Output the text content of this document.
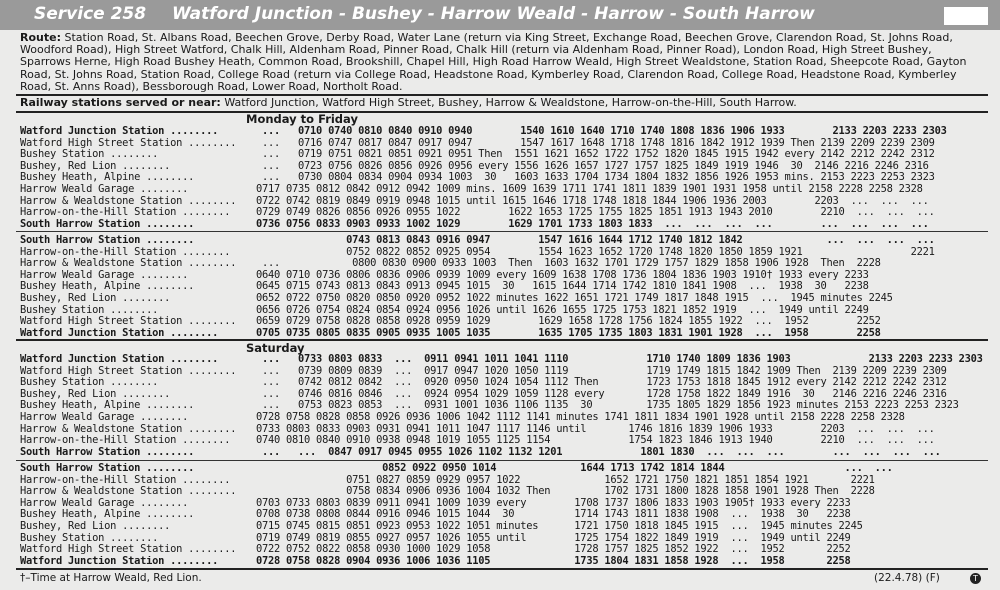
Service 258 Watford Junction - Bushey - Harrow Weald - Harrow - South Harrow
Route: Station Road, St. Albans Road, Beechen Grove, Derby Road, Water Lane (return via King Street, Exchange Road, Beechen Grove, Clarendon Road, St. Johns Road, Woodford Road), High Street Watford, Chalk Hill, Aldenham Road, Pinner Road, Chalk Hill (return via Aldenham Road, Pinner Road), London Road, High Street Bushey, Sparrows Herne, High Road Bushey Heath, Common Road, Brookshill, Chapel Hill, High Road Harrow Weald, High Street Wealdstone, Station Road, Sheepcote Road, Gayton Road, St. Johns Road, Station Road, College Road (return via College Road, Headstone Road, Kymberley Road, Clarendon Road, College Road, Headstone Road, Kymberley Road, St. Anns Road), Bessborough Road, Lower Road, Northolt Road.
Railway stations served or near: Watford Junction, Watford High Street, Bushey, Harrow & Wealdstone, Harrow-on-the-Hill, South Harrow.
Monday to Friday
Watford Junction Station ........	...   0710 0740 0810 0840 0910 0940        1540 1610 1640 1710 1740 1808 1836 1906 1933        2133 2203 2233 2303
Watford High Street Station ........	...   0716 0747 0817 0847 0917 0947        1547 1617 1648 1718 1748 1816 1842 1912 1939 Then 2139 2209 2239 2309
Bushey Station ........	...   0719 0751 0821 0851 0921 0951 Then  1551 1621 1652 1722 1752 1820 1845 1915 1942 every 2142 2212 2242 2312
Bushey, Red Lion ........	...   0723 0756 0826 0856 0926 0956 every 1556 1626 1657 1727 1757 1825 1849 1919 1946  30  2146 2216 2246 2316
Bushey Heath, Alpine ........	...   0730 0804 0834 0904 0934 1003  30   1603 1633 1704 1734 1804 1832 1856 1926 1953 mins. 2153 2223 2253 2323
Harrow Weald Garage ........	0717 0735 0812 0842 0912 0942 1009 mins. 1609 1639 1711 1741 1811 1839 1901 1931 1958 until 2158 2228 2258 2328
Harrow & Wealdstone Station ........	0722 0742 0819 0849 0919 0948 1015 until 1615 1646 1718 1748 1818 1844 1906 1936 2003        2203  ...  ...  ...
Harrow-on-the-Hill Station ........	0729 0749 0826 0856 0926 0955 1022        1622 1653 1725 1755 1825 1851 1913 1943 2010        2210  ...  ...  ...
South Harrow Station ........	0736 0756 0833 0903 0933 1002 1029        1629 1701 1733 1803 1833  ...  ...  ...  ...        ...  ...  ...  ...
South Harrow Station ........	0743 0813 0843 0916 0947        1547 1616 1644 1712 1740 1812 1842              ...  ...  ...  ...
Harrow-on-the-Hill Station ........	0752 0822 0852 0925 0954        1554 1623 1652 1720 1748 1820 1850 1859 1921                  2221
Harrow & Wealdstone Station ........	...            0800 0830 0900 0933 1003  Then  1603 1632 1701 1729 1757 1829 1858 1906 1928  Then  2228
Harrow Weald Garage ........	0640 0710 0736 0806 0836 0906 0939 1009 every 1609 1638 1708 1736 1804 1836 1903 1910† 1933 every 2233
Bushey Heath, Alpine ........	0645 0715 0743 0813 0843 0913 0945 1015  30   1615 1644 1714 1742 1810 1841 1908  ...  1938  30   2238
Bushey, Red Lion ........	0652 0722 0750 0820 0850 0920 0952 1022 minutes 1622 1651 1721 1749 1817 1848 1915  ...  1945 minutes 2245
Bushey Station ........	0656 0726 0754 0824 0854 0924 0956 1026 until 1626 1655 1725 1753 1821 1852 1919  ...  1949 until 2249
Watford High Street Station ........	0659 0729 0758 0828 0858 0928 0959 1029        1629 1658 1728 1756 1824 1855 1922  ...  1952        2252
Watford Junction Station ........	0705 0735 0805 0835 0905 0935 1005 1035        1635 1705 1735 1803 1831 1901 1928  ...  1958        2258
Saturday
Watford Junction Station ........	...   0733 0803 0833  ...  0911 0941 1011 1041 1110             1710 1740 1809 1836 1903             2133 2203 2233 2303
Watford High Street Station ........	...   0739 0809 0839  ...  0917 0947 1020 1050 1119             1719 1749 1815 1842 1909 Then  2139 2209 2239 2309
Bushey Station ........	...   0742 0812 0842  ...  0920 0950 1024 1054 1112 Then        1723 1753 1818 1845 1912 every 2142 2212 2242 2312
Bushey, Red Lion ........	...   0746 0816 0846  ...  0924 0954 1029 1059 1128 every       1728 1758 1822 1849 1916  30   2146 2216 2246 2316
Bushey Heath, Alpine ........	...   0753 0823 0853  ...  0931 1001 1036 1106 1135  30         1735 1805 1829 1856 1923 minutes 2153 2223 2253 2323
Harrow Weald Garage ........	0728 0758 0828 0858 0926 0936 1006 1042 1112 1141 minutes 1741 1811 1834 1901 1928 until 2158 2228 2258 2328
Harrow & Wealdstone Station ........	0733 0803 0833 0903 0931 0941 1011 1047 1117 1146 until       1746 1816 1839 1906 1933        2203  ...  ...  ...
Harrow-on-the-Hill Station ........	0740 0810 0840 0910 0938 0948 1019 1055 1125 1154             1754 1823 1846 1913 1940        2210  ...  ...  ...
South Harrow Station ........	...   ...  0847 0917 0945 0955 1026 1102 1132 1201             1801 1830  ...  ...  ...        ...  ...  ...  ...
South Harrow Station ........	0852 0922 0950 1014              1644 1713 1742 1814 1844                    ...  ...
Harrow-on-the-Hill Station ........	0751 0827 0859 0929 0957 1022              1652 1721 1750 1821 1851 1854 1921       2221
Harrow & Wealdstone Station ........	0758 0834 0906 0936 1004 1032 Then         1702 1731 1800 1828 1858 1901 1928 Then  2228
Harrow Weald Garage ........	0703 0733 0803 0839 0911 0941 1009 1039 every        1708 1737 1806 1833 1903 1905† 1933 every 2233
Bushey Heath, Alpine ........	0708 0738 0808 0844 0916 0946 1015 1044  30          1714 1743 1811 1838 1908  ...  1938  30   2238
Bushey, Red Lion ........	0715 0745 0815 0851 0923 0953 1022 1051 minutes      1721 1750 1818 1845 1915  ...  1945 minutes 2245
Bushey Station ........	0719 0749 0819 0855 0927 0957 1026 1055 until        1725 1754 1822 1849 1919  ...  1949 until 2249
Watford High Street Station ........	0722 0752 0822 0858 0930 1000 1029 1058              1728 1757 1825 1852 1922  ...  1952       2252
Watford Junction Station ........	0728 0758 0828 0904 0936 1006 1036 1105              1735 1804 1831 1858 1928  ...  1958       2258
†–Time at Harrow Weald, Red Lion.	(22.4.78) (F)	T
